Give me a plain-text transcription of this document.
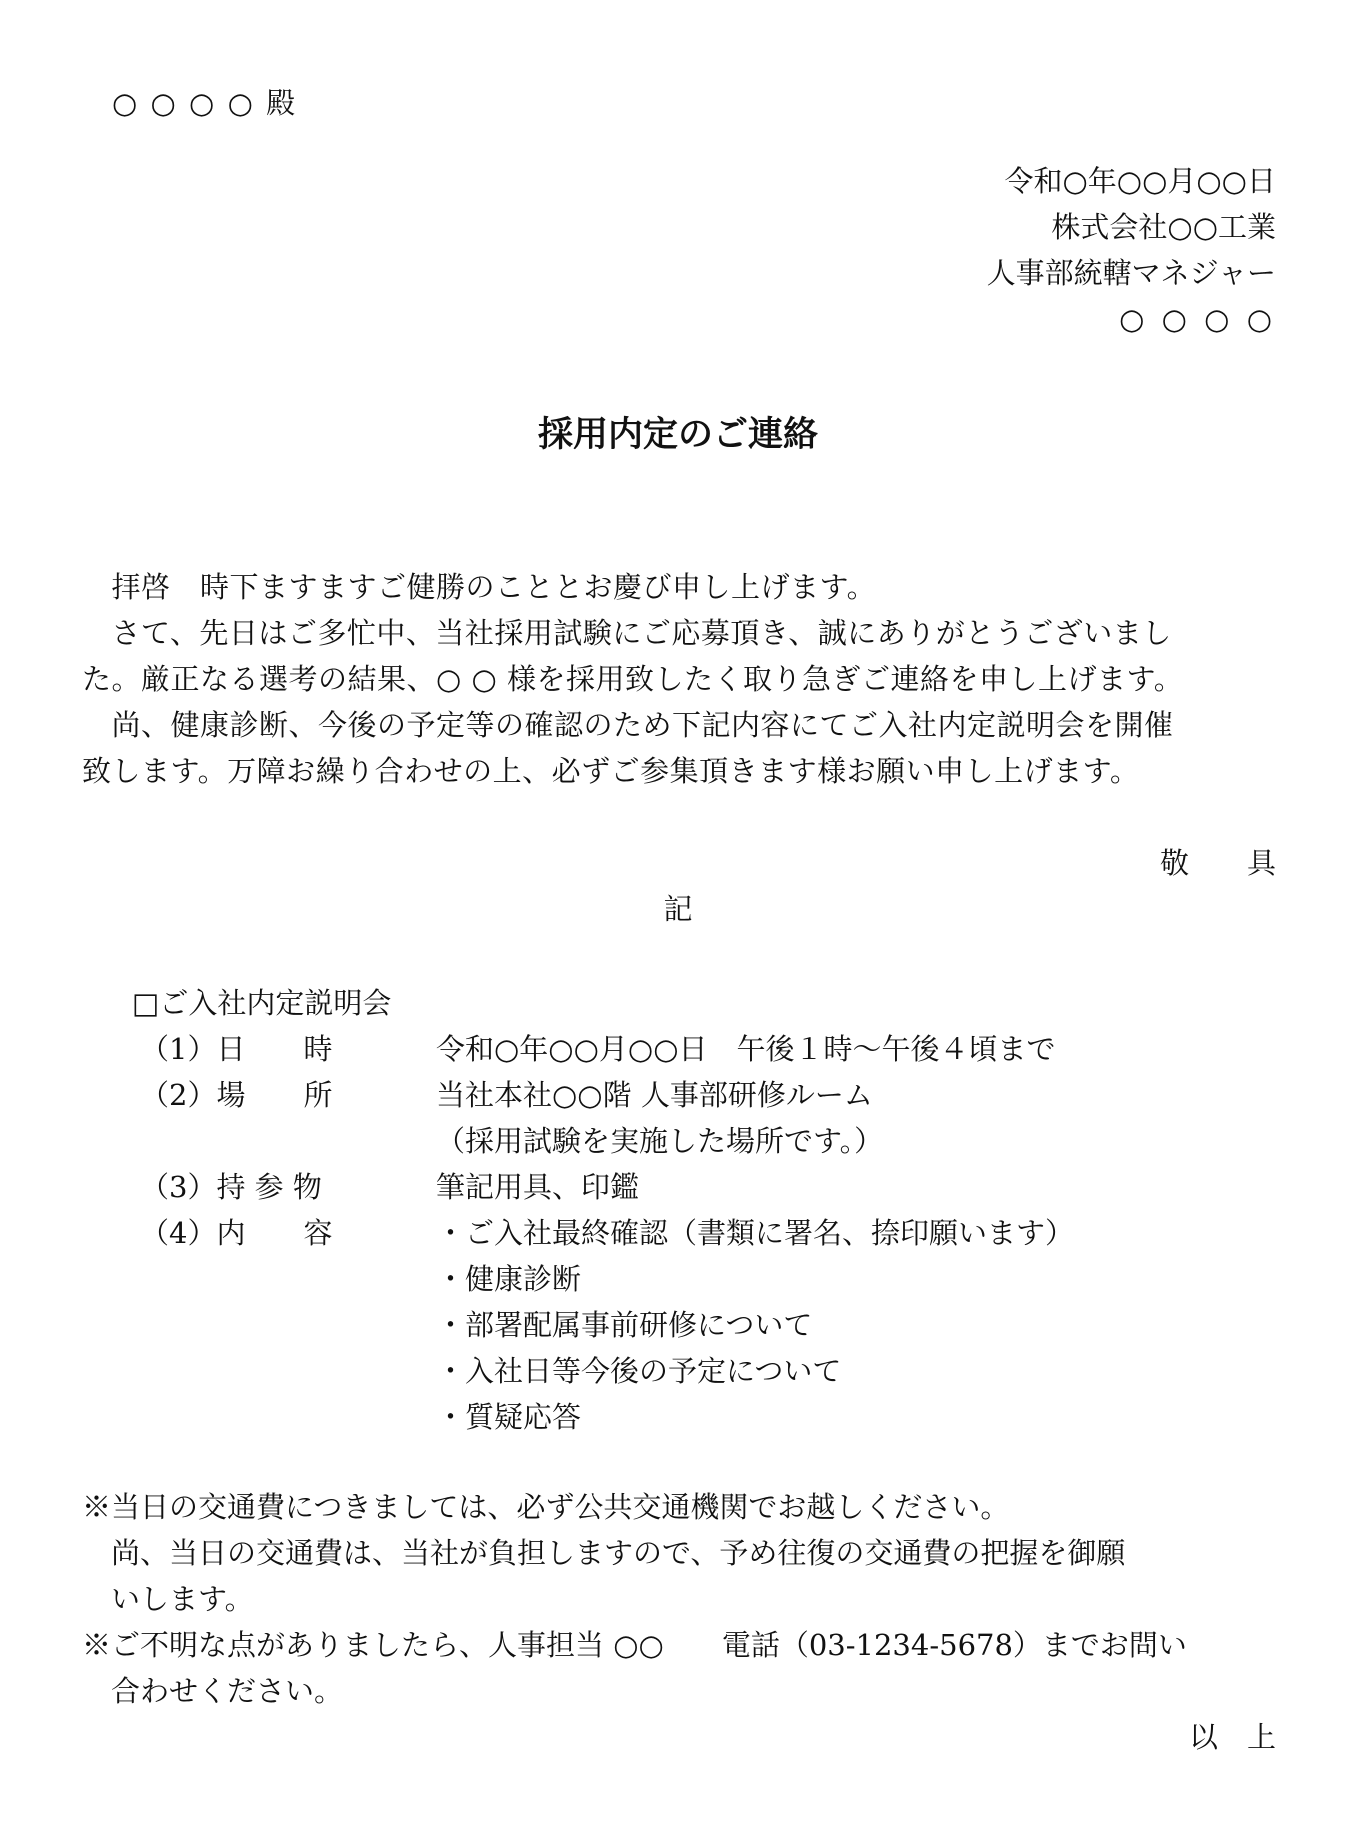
○ ○ ○ ○ 殿
令和○年○○月○○日
株式会社○○工業
人事部統轄マネジャー
○ ○ ○ ○
採用内定のご連絡
　拝啓　時下ますますご健勝のこととお慶び申し上げます。
　さて、先日はご多忙中、当社採用試験にご応募頂き、誠にありがとうございまし
た。厳正なる選考の結果、○ ○ 様を採用致したく取り急ぎご連絡を申し上げます。
　尚、健康診断、今後の予定等の確認のため下記内容にてご入社内定説明会を開催
致します。万障お繰り合わせの上、必ずご参集頂きます様お願い申し上げます。
敬　　具
記
□ご入社内定説明会
（1）日　　時	令和○年○○月○○日　午後１時～午後４頃まで
（2）場　　所	当社本社○○階 人事部研修ルーム
（採用試験を実施した場所です。）
（3）持 参 物	筆記用具、印鑑
（4）内　　容	・ご入社最終確認（書類に署名、捺印願います）
・健康診断
・部署配属事前研修について
・入社日等今後の予定について
・質疑応答
※当日の交通費につきましては、必ず公共交通機関でお越しください。
　尚、当日の交通費は、当社が負担しますので、予め往復の交通費の把握を御願
　いします。
※ご不明な点がありましたら、人事担当 ○○　　電話（03-1234-5678）までお問い
　合わせください。
以　上
